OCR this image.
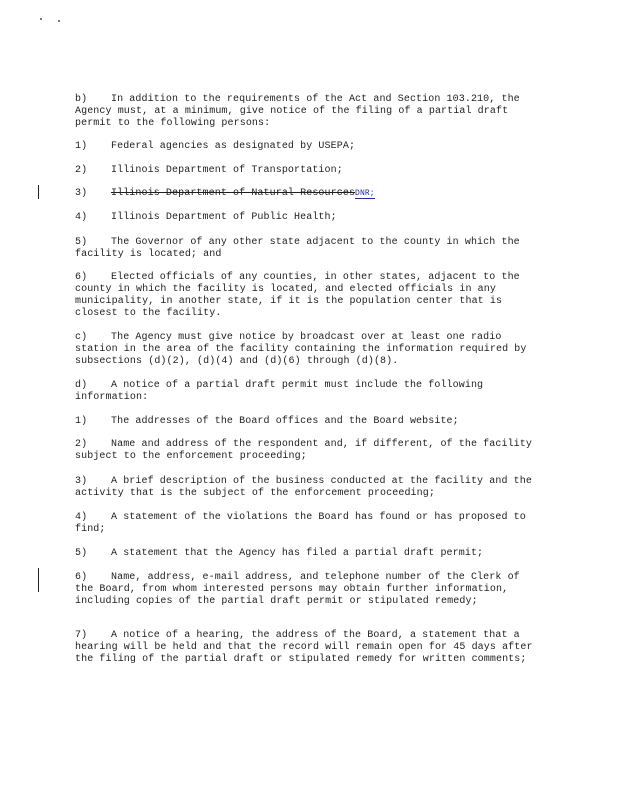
b) In addition to the requirements of the Act and Section 103.210, the Agency must, at a minimum, give notice of the filing of a partial draft permit to the following persons:
1) Federal agencies as designated by USEPA;
2) Illinois Department of Transportation;
3) Illinois Department of Natural ResourcesDNR;
4) Illinois Department of Public Health;
5) The Governor of any other state adjacent to the county in which the facility is located; and
6) Elected officials of any counties, in other states, adjacent to the county in which the facility is located, and elected officials in any municipality, in another state, if it is the population center that is closest to the facility.
c) The Agency must give notice by broadcast over at least one radio station in the area of the facility containing the information required by subsections (d)(2), (d)(4) and (d)(6) through (d)(8).
d) A notice of a partial draft permit must include the following information:
1) The addresses of the Board offices and the Board website;
2) Name and address of the respondent and, if different, of the facility subject to the enforcement proceeding;
3) A brief description of the business conducted at the facility and the activity that is the subject of the enforcement proceeding;
4) A statement of the violations the Board has found or has proposed to find;
5) A statement that the Agency has filed a partial draft permit;
6) Name, address, e-mail address, and telephone number of the Clerk of the Board, from whom interested persons may obtain further information, including copies of the partial draft permit or stipulated remedy;
7) A notice of a hearing, the address of the Board, a statement that a hearing will be held and that the record will remain open for 45 days after the filing of the partial draft or stipulated remedy for written comments;
